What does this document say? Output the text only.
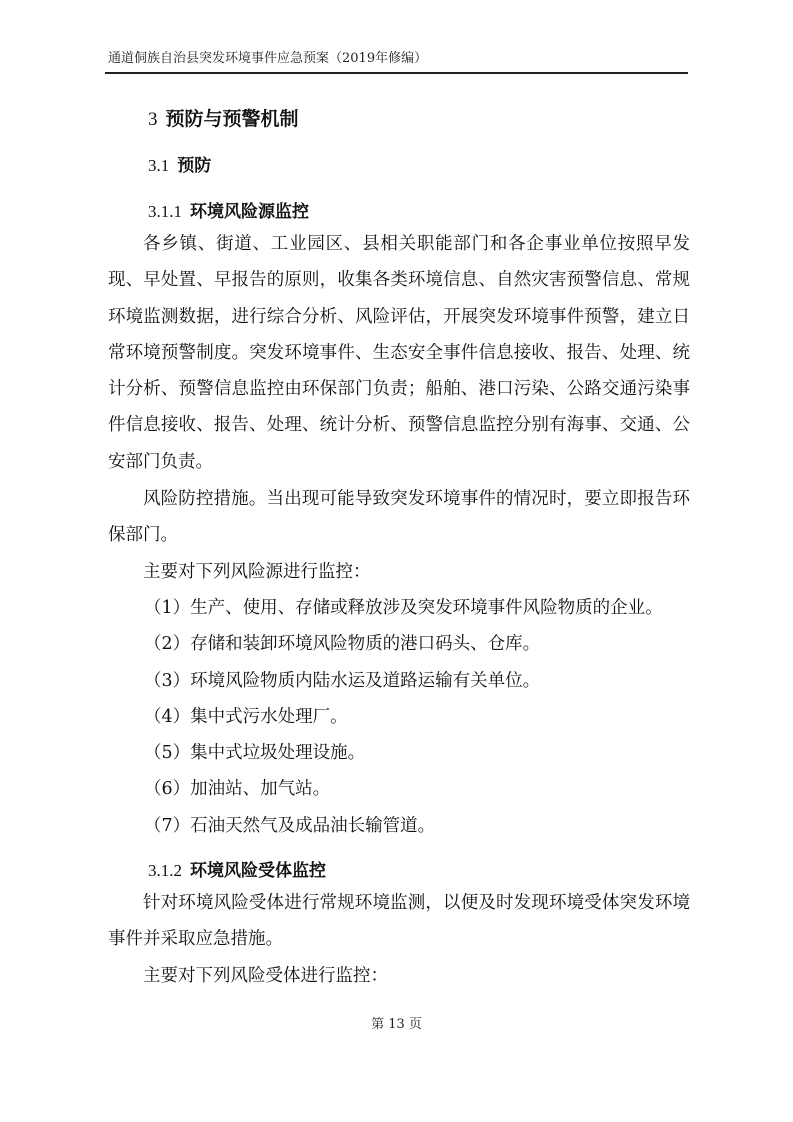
通道侗族自治县突发环境事件应急预案（2019年修编）
3 预防与预警机制
3.1 预防
3.1.1 环境风险源监控
各乡镇、街道、工业园区、县相关职能部门和各企事业单位按照早发现、早处置、早报告的原则，收集各类环境信息、自然灾害预警信息、常规环境监测数据，进行综合分析、风险评估，开展突发环境事件预警，建立日常环境预警制度。突发环境事件、生态安全事件信息接收、报告、处理、统计分析、预警信息监控由环保部门负责；船舶、港口污染、公路交通污染事件信息接收、报告、处理、统计分析、预警信息监控分别有海事、交通、公安部门负责。
风险防控措施。当出现可能导致突发环境事件的情况时，要立即报告环保部门。
主要对下列风险源进行监控：
（1）生产、使用、存储或释放涉及突发环境事件风险物质的企业。
（2）存储和装卸环境风险物质的港口码头、仓库。
（3）环境风险物质内陆水运及道路运输有关单位。
（4）集中式污水处理厂。
（5）集中式垃圾处理设施。
（6）加油站、加气站。
（7）石油天然气及成品油长输管道。
3.1.2 环境风险受体监控
针对环境风险受体进行常规环境监测，以便及时发现环境受体突发环境事件并采取应急措施。
主要对下列风险受体进行监控：
第 13 页
